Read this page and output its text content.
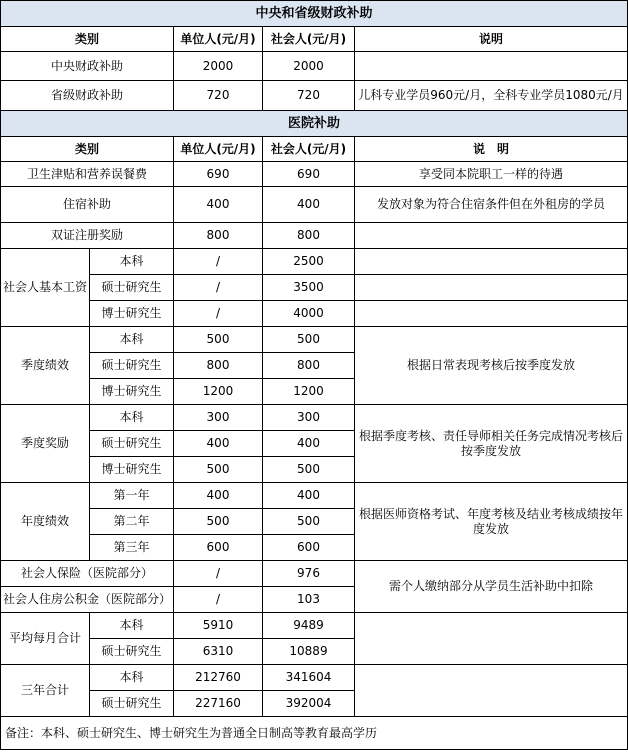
中央和省级财政补助				
类别		单位人(元/月)	社会人(元/月)	说明
中央财政补助		2000	2000	
省级财政补助		720	720	儿科专业学员960元/月，全科专业学员1080元/月
医院补助				
类别		单位人(元/月)	社会人(元/月)	说　明
卫生津贴和营养误餐费		690	690	享受同本院职工一样的待遇
住宿补助		400	400	发放对象为符合住宿条件但在外租房的学员
双证注册奖励		800	800	
社会人基本工资	本科	/	2500	
	硕士研究生	/	3500	
	博士研究生	/	4000	
季度绩效	本科	500	500	根据日常表现考核后按季度发放
	硕士研究生	800	800	
	博士研究生	1200	1200	
季度奖励	本科	300	300	根据季度考核、责任导师相关任务完成情况考核后按季度发放
	硕士研究生	400	400	
	博士研究生	500	500	
年度绩效	第一年	400	400	根据医师资格考试、年度考核及结业考核成绩按年度发放
	第二年	500	500	
	第三年	600	600	
社会人保险（医院部分）		/	976	需个人缴纳部分从学员生活补助中扣除
社会人住房公积金（医院部分）		/	103	
平均每月合计	本科	5910	9489	
	硕士研究生	6310	10889	
三年合计	本科	212760	341604	
	硕士研究生	227160	392004	
备注：本科、硕士研究生、博士研究生为普通全日制高等教育最高学历				
